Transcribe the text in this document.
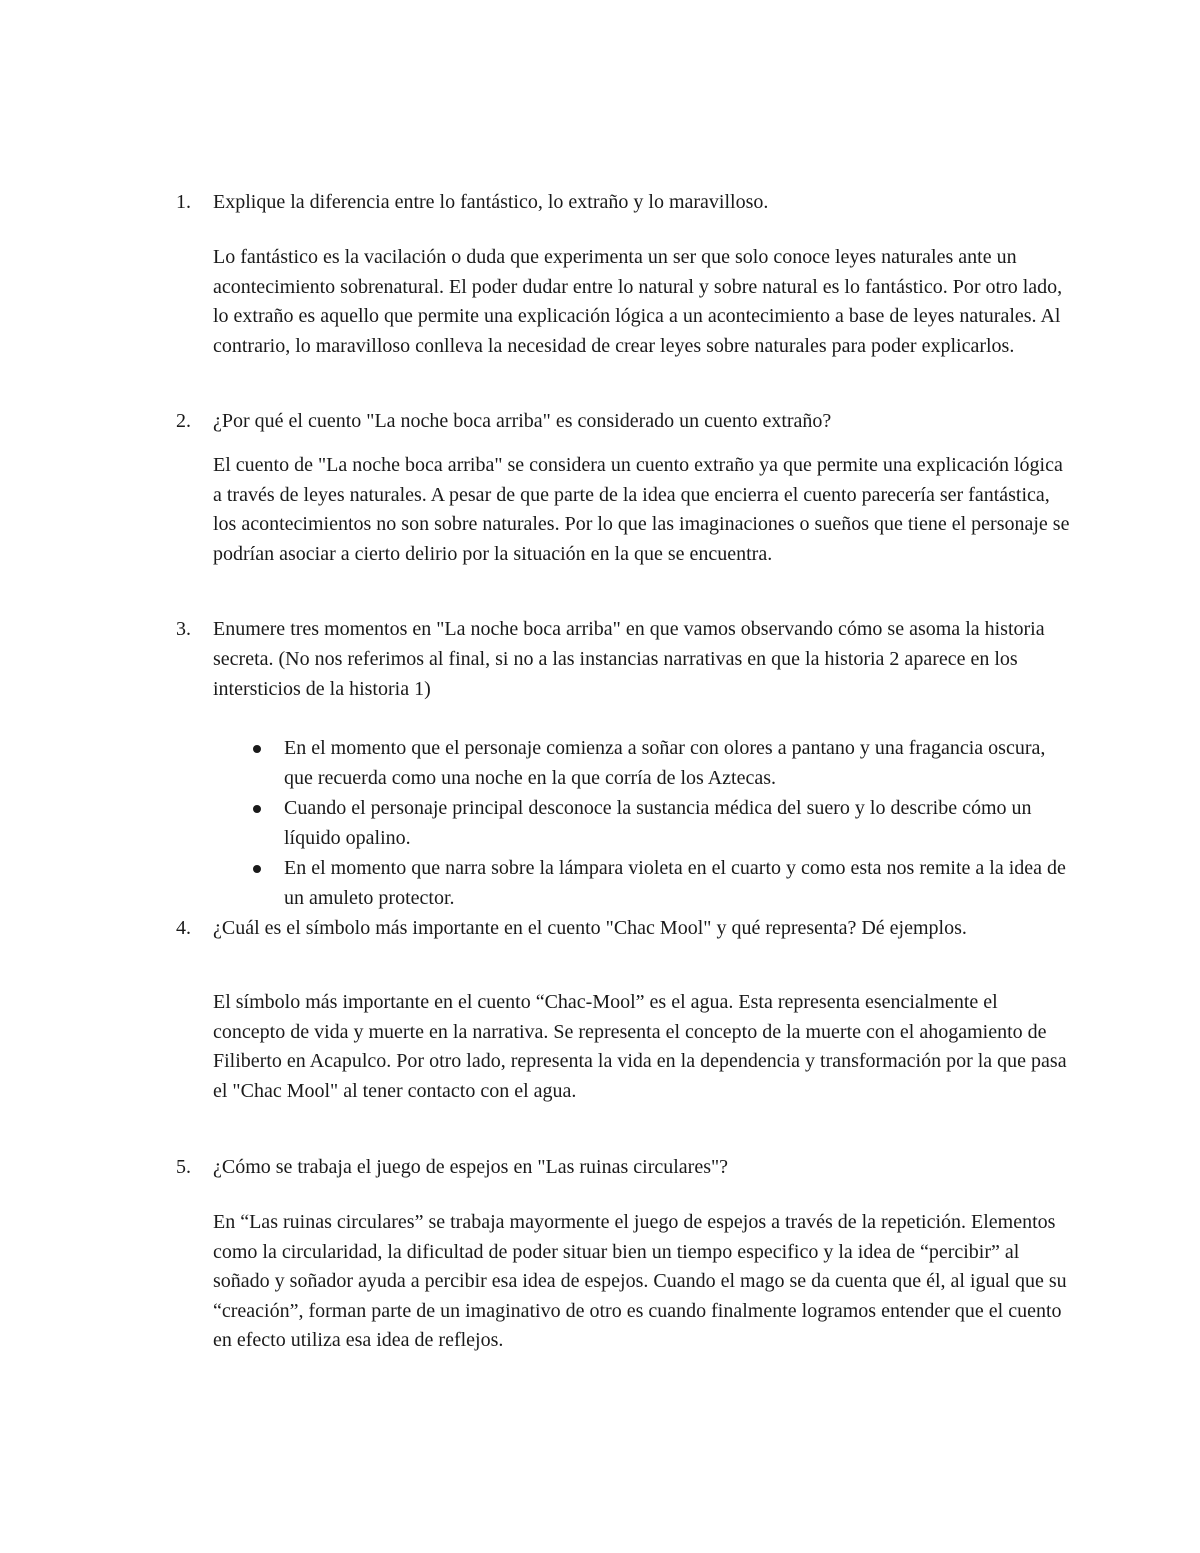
1. Explique la diferencia entre lo fantástico, lo extraño y lo maravilloso.
Lo fantástico es la vacilación o duda que experimenta un ser que solo conoce leyes naturales ante un acontecimiento sobrenatural. El poder dudar entre lo natural y sobre natural es lo fantástico. Por otro lado, lo extraño es aquello que permite una explicación lógica a un acontecimiento a base de leyes naturales. Al contrario, lo maravilloso conlleva la necesidad de crear leyes sobre naturales para poder explicarlos.
2. ¿Por qué el cuento "La noche boca arriba" es considerado un cuento extraño?
El cuento de "La noche boca arriba" se considera un cuento extraño ya que permite una explicación lógica a través de leyes naturales. A pesar de que parte de la idea que encierra el cuento parecería ser fantástica, los acontecimientos no son sobre naturales. Por lo que las imaginaciones o sueños que tiene el personaje se podrían asociar a cierto delirio por la situación en la que se encuentra.
3. Enumere tres momentos en "La noche boca arriba" en que vamos observando cómo se asoma la historia secreta. (No nos referimos al final, si no a las instancias narrativas en que la historia 2 aparece en los intersticios de la historia 1)
En el momento que el personaje comienza a soñar con olores a pantano y una fragancia oscura, que recuerda como una noche en la que corría de los Aztecas.
Cuando el personaje principal desconoce la sustancia médica del suero y lo describe cómo un líquido opalino.
En el momento que narra sobre la lámpara violeta en el cuarto y como esta nos remite a la idea de un amuleto protector.
4. ¿Cuál es el símbolo más importante en el cuento "Chac Mool" y qué representa? Dé ejemplos.
El símbolo más importante en el cuento “Chac-Mool” es el agua. Esta representa esencialmente el concepto de vida y muerte en la narrativa. Se representa el concepto de la muerte con el ahogamiento de Filiberto en Acapulco. Por otro lado, representa la vida en la dependencia y transformación por la que pasa el "Chac Mool" al tener contacto con el agua.
5. ¿Cómo se trabaja el juego de espejos en "Las ruinas circulares"?
En “Las ruinas circulares” se trabaja mayormente el juego de espejos a través de la repetición. Elementos como la circularidad, la dificultad de poder situar bien un tiempo especifico y la idea de “percibir” al soñado y soñador ayuda a percibir esa idea de espejos. Cuando el mago se da cuenta que él, al igual que su “creación”, forman parte de un imaginativo de otro es cuando finalmente logramos entender que el cuento en efecto utiliza esa idea de reflejos.
